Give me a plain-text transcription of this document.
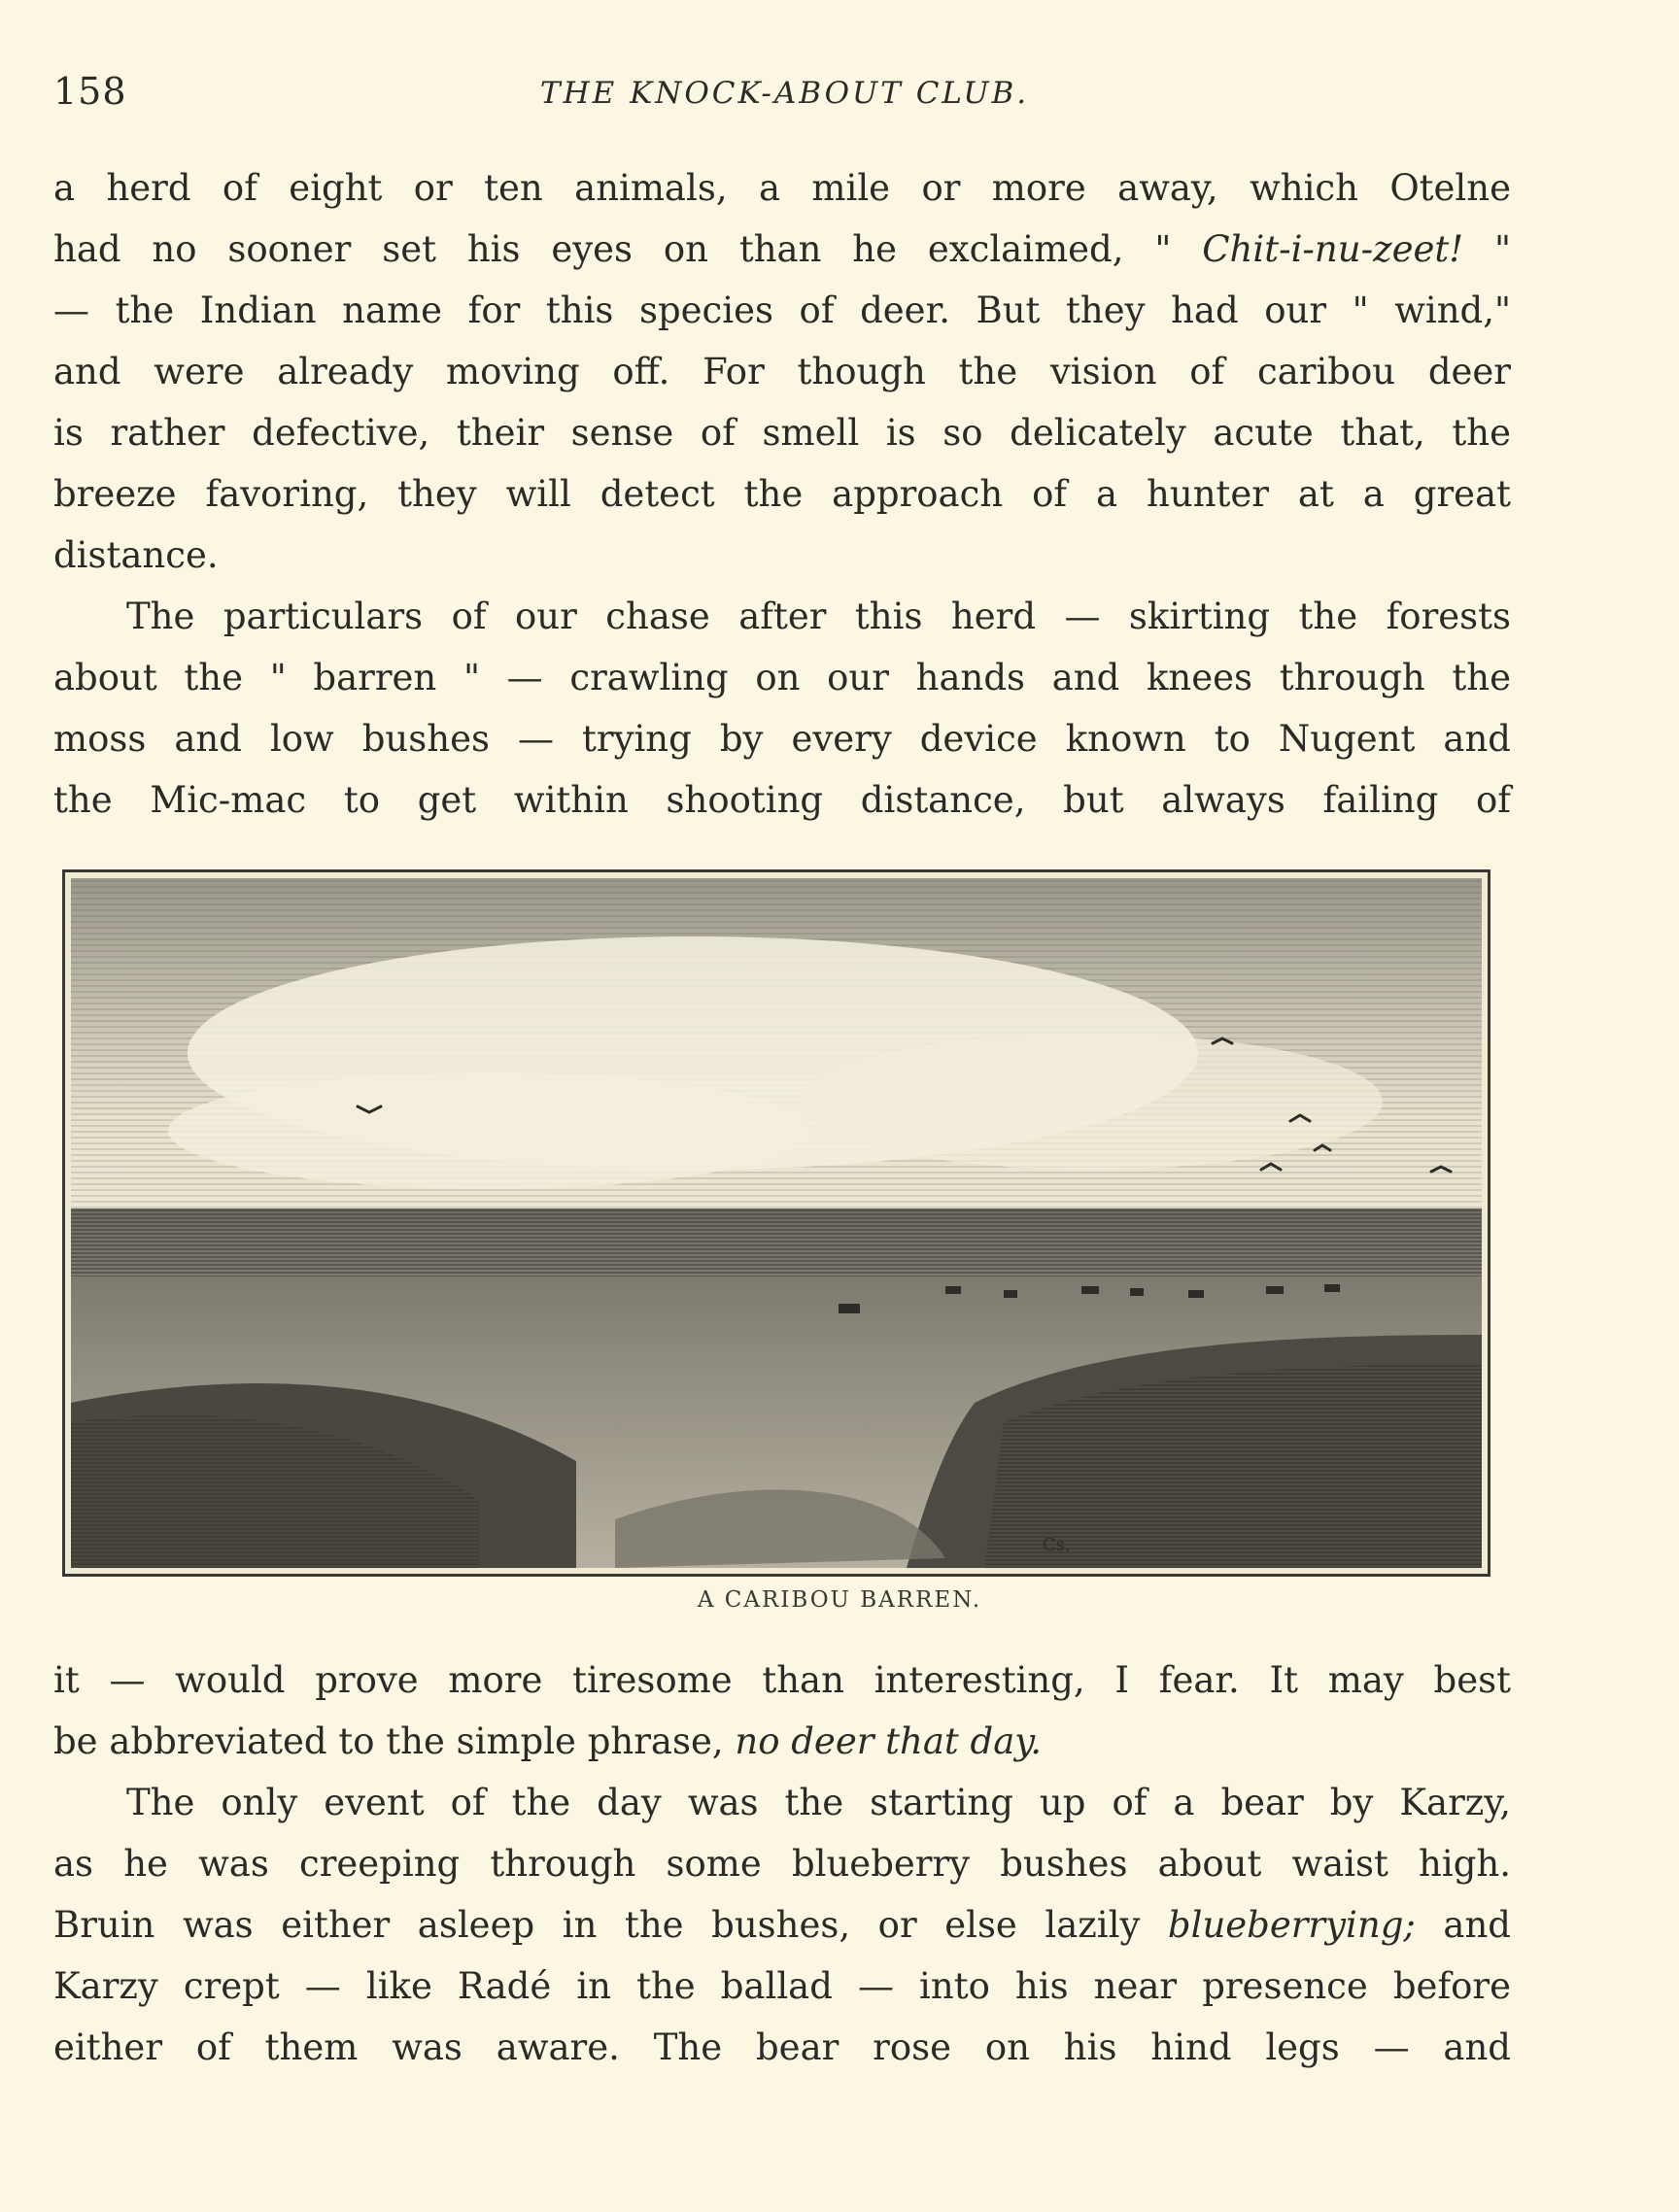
158	THE KNOCK-ABOUT CLUB.
a herd of eight or ten animals, a mile or more away, which Otelne
had no sooner set his eyes on than he exclaimed, " Chit-i-nu-zeet! "
— the Indian name for this species of deer. But they had our " wind,"
and were already moving off. For though the vision of caribou deer
is rather defective, their sense of smell is so delicately acute that, the
breeze favoring, they will detect the approach of a hunter at a great
distance.
The particulars of our chase after this herd — skirting the forests
about the " barren " — crawling on our hands and knees through the
moss and low bushes — trying by every device known to Nugent and
the Mic-mac to get within shooting distance, but always failing of
Cs.
A CARIBOU BARREN.
it — would prove more tiresome than interesting, I fear. It may best
be abbreviated to the simple phrase, no deer that day.
The only event of the day was the starting up of a bear by Karzy,
as he was creeping through some blueberry bushes about waist high.
Bruin was either asleep in the bushes, or else lazily blueberrying; and
Karzy crept — like Radé in the ballad — into his near presence before
either of them was aware. The bear rose on his hind legs — and
